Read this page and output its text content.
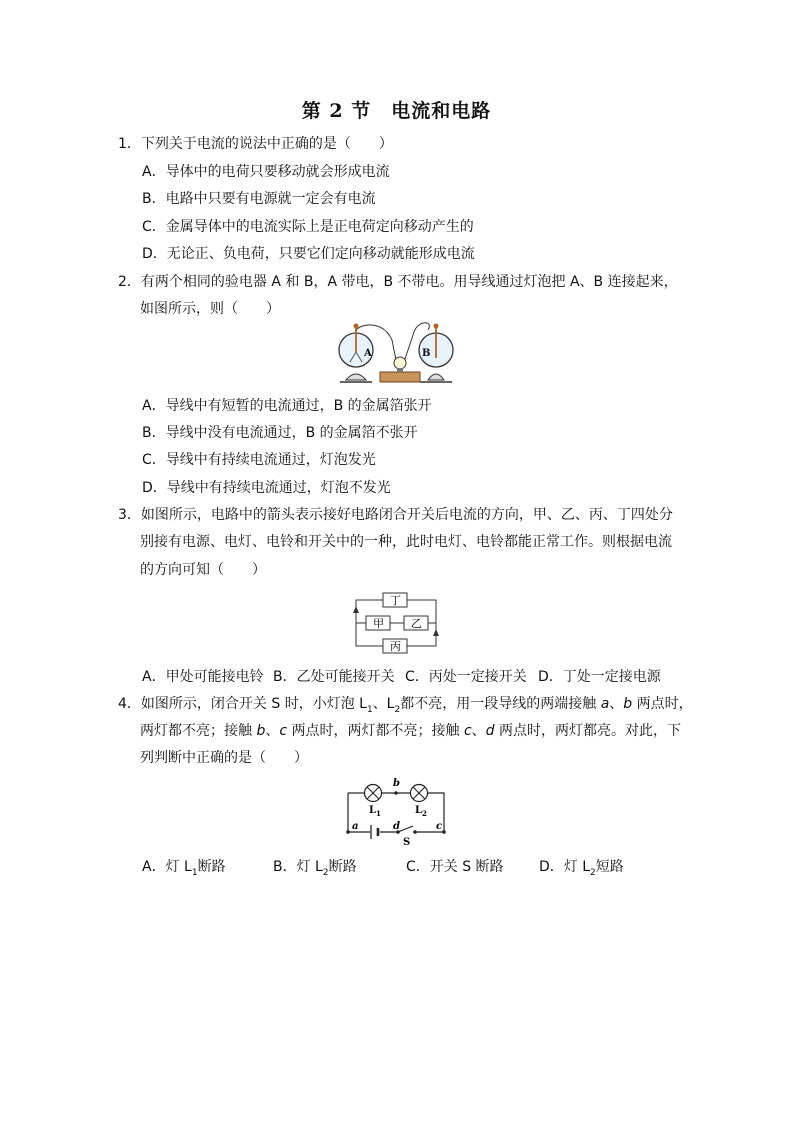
第 2 节　电流和电路
1．下列关于电流的说法中正确的是（　　）
A．导体中的电荷只要移动就会形成电流
B．电路中只要有电源就一定会有电流
C．金属导体中的电流实际上是正电荷定向移动产生的
D．无论正、负电荷，只要它们定向移动就能形成电流
2．有两个相同的验电器 A 和 B，A 带电，B 不带电。用导线通过灯泡把 A、B 连接起来，
如图所示，则（　　）
A	B
A．导线中有短暂的电流通过，B 的金属箔张开
B．导线中没有电流通过，B 的金属箔不张开
C．导线中有持续电流通过，灯泡发光
D．导线中有持续电流通过，灯泡不发光
3．如图所示，电路中的箭头表示接好电路闭合开关后电流的方向，甲、乙、丙、丁四处分
别接有电源、电灯、电铃和开关中的一种，此时电灯、电铃都能正常工作。则根据电流
的方向可知（　　）
丁
甲 乙
丙
A．甲处可能接电铃 B．乙处可能接开关 C．丙处一定接开关 D．丁处一定接电源
4．如图所示，闭合开关 S 时，小灯泡 $L_1$、$L_2$都不亮，用一段导线的两端接触 a、b 两点时，
两灯都不亮；接触 b、c 两点时，两灯都不亮；接触 c、d 两点时，两灯都亮。对此，下
列判断中正确的是（　　）
b
$L_1$	$L_2$
a	d	c
S
A．灯 $L_1$断路	B．灯 $L_2$断路	C．开关 S 断路	D．灯 $L_2$短路
